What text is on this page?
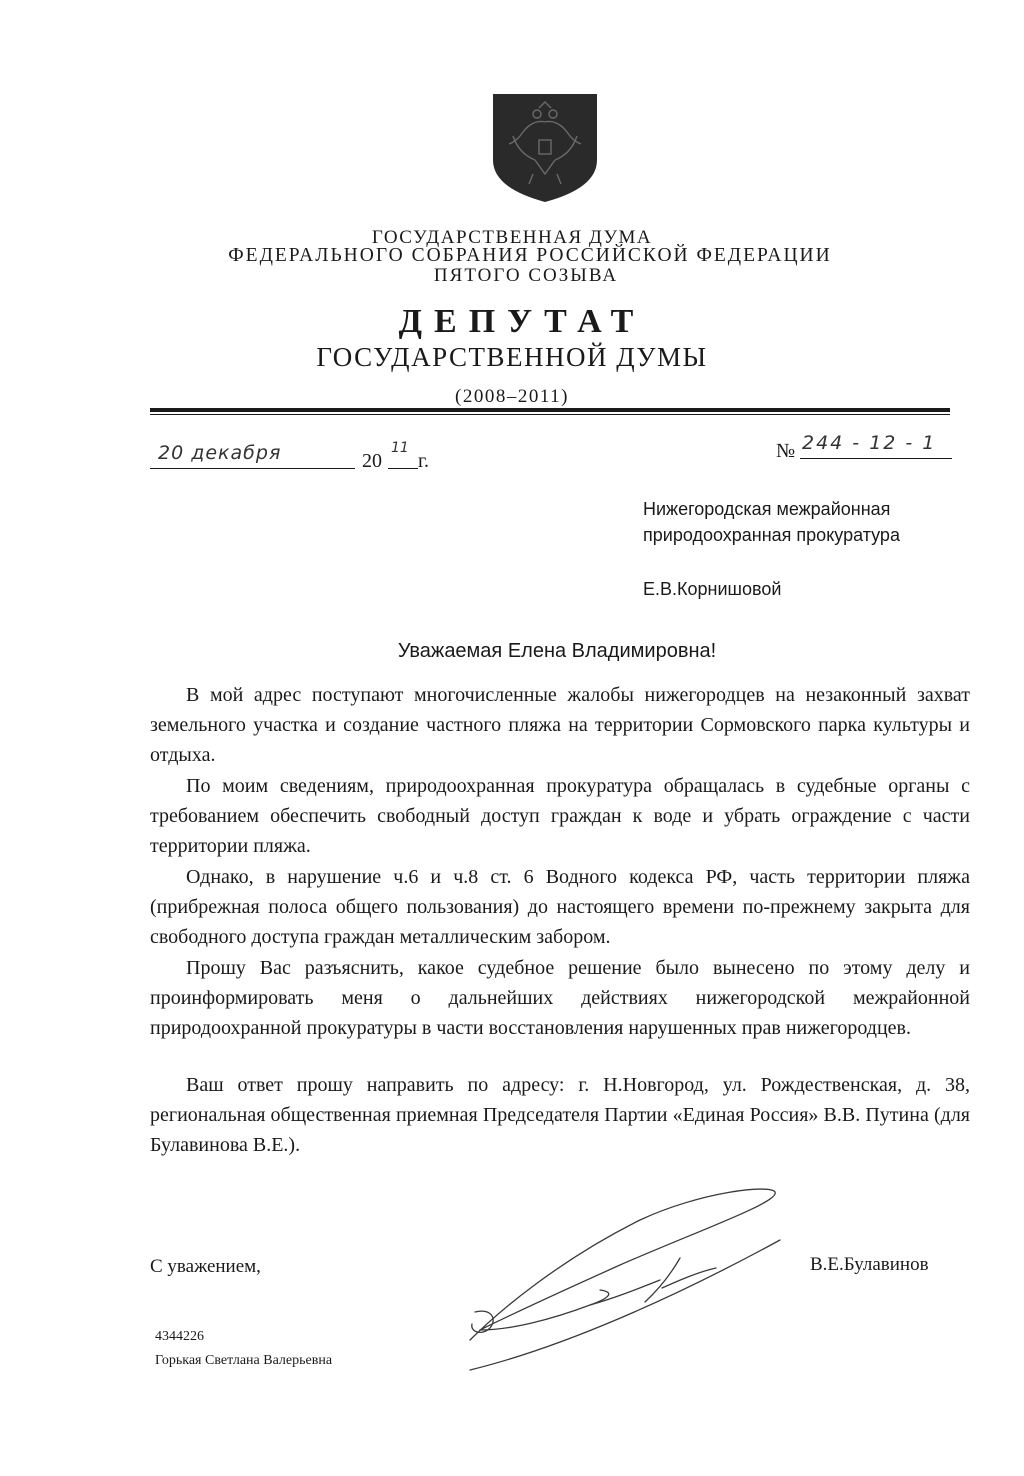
ГОСУДАРСТВЕННАЯ ДУМА
ФЕДЕРАЛЬНОГО СОБРАНИЯ РОССИЙСКОЙ ФЕДЕРАЦИИ
ПЯТОГО СОЗЫВА
ДЕПУТАТ
ГОСУДАРСТВЕННОЙ ДУМЫ
(2008–2011)
20 декабря	20
11
г.	№ 244 - 12 - 1
Нижегородская межрайонная
природоохранная прокуратура
Е.В.Корнишовой
Уважаемая Елена Владимировна!

В мой адрес поступают многочисленные жалобы нижегородцев на незаконный захват земельного участка и создание частного пляжа на территории Сормовского парка культуры и отдыха.

По моим сведениям, природоохранная прокуратура обращалась в судебные органы с требованием обеспечить свободный доступ граждан к воде и убрать ограждение с части территории пляжа.

Однако, в нарушение ч.6 и ч.8 ст. 6 Водного кодекса РФ, часть территории пляжа (прибрежная полоса общего пользования) до настоящего времени по-прежнему закрыта для свободного доступа граждан металлическим забором.

Прошу Вас разъяснить, какое судебное решение было вынесено по этому делу и проинформировать меня о дальнейших действиях нижегородской межрайонной природоохранной прокуратуры в части восстановления нарушенных прав нижегородцев.

Ваш ответ прошу направить по адресу: г. Н.Новгород, ул. Рождественская, д. 38, региональная общественная приемная Председателя Партии «Единая Россия» В.В. Путина (для Булавинова В.Е.).

С уважением,	В.Е.Булавинов
4344226
Горькая Светлана Валерьевна
